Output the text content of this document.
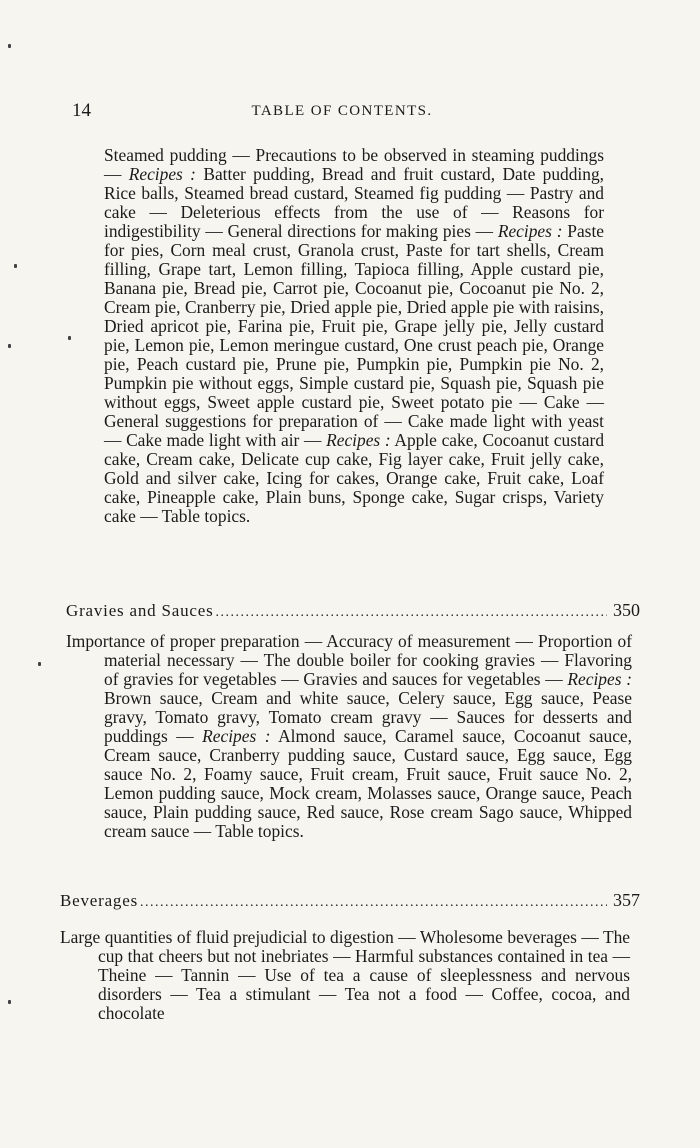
14	TABLE OF CONTENTS.
Steamed pudding — Precautions to be observed in steaming puddings — Recipes : Batter pudding, Bread and fruit custard, Date pudding, Rice balls, Steamed bread custard, Steamed fig pudding — Pastry and cake — Deleterious effects from the use of — Reasons for indigestibility — General directions for making pies — Recipes : Paste for pies, Corn meal crust, Granola crust, Paste for tart shells, Cream filling, Grape tart, Lemon filling, Tapioca filling, Apple custard pie, Banana pie, Bread pie, Carrot pie, Cocoanut pie, Cocoanut pie No. 2, Cream pie, Cranberry pie, Dried apple pie, Dried apple pie with raisins, Dried apricot pie, Farina pie, Fruit pie, Grape jelly pie, Jelly custard pie, Lemon pie, Lemon meringue custard, One crust peach pie, Orange pie, Peach custard pie, Prune pie, Pumpkin pie, Pumpkin pie No. 2, Pumpkin pie without eggs, Simple custard pie, Squash pie, Squash pie without eggs, Sweet apple custard pie, Sweet potato pie — Cake — General suggestions for preparation of — Cake made light with yeast — Cake made light with air — Recipes : Apple cake, Cocoanut custard cake, Cream cake, Delicate cup cake, Fig layer cake, Fruit jelly cake, Gold and silver cake, Icing for cakes, Orange cake, Fruit cake, Loaf cake, Pineapple cake, Plain buns, Sponge cake, Sugar crisps, Variety cake — Table topics.
Gravies and Sauces . . .	350
Importance of proper preparation — Accuracy of measurement — Proportion of material necessary — The double boiler for cooking gravies — Flavoring of gravies for vegetables — Gravies and sauces for vegetables — Recipes : Brown sauce, Cream and white sauce, Celery sauce, Egg sauce, Pease gravy, Tomato gravy, Tomato cream gravy — Sauces for desserts and puddings — Recipes : Almond sauce, Caramel sauce, Cocoanut sauce, Cream sauce, Cranberry pudding sauce, Custard sauce, Egg sauce, Egg sauce No. 2, Foamy sauce, Fruit cream, Fruit sauce, Fruit sauce No. 2, Lemon pudding sauce, Mock cream, Molasses sauce, Orange sauce, Peach sauce, Plain pudding sauce, Red sauce, Rose cream Sago sauce, Whipped cream sauce — Table topics.
Beverages . . .	357
Large quantities of fluid prejudicial to digestion — Wholesome beverages — The cup that cheers but not inebriates — Harmful substances contained in tea — Theine — Tannin — Use of tea a cause of sleeplessness and nervous disorders — Tea a stimulant — Tea not a food — Coffee, cocoa, and chocolate
